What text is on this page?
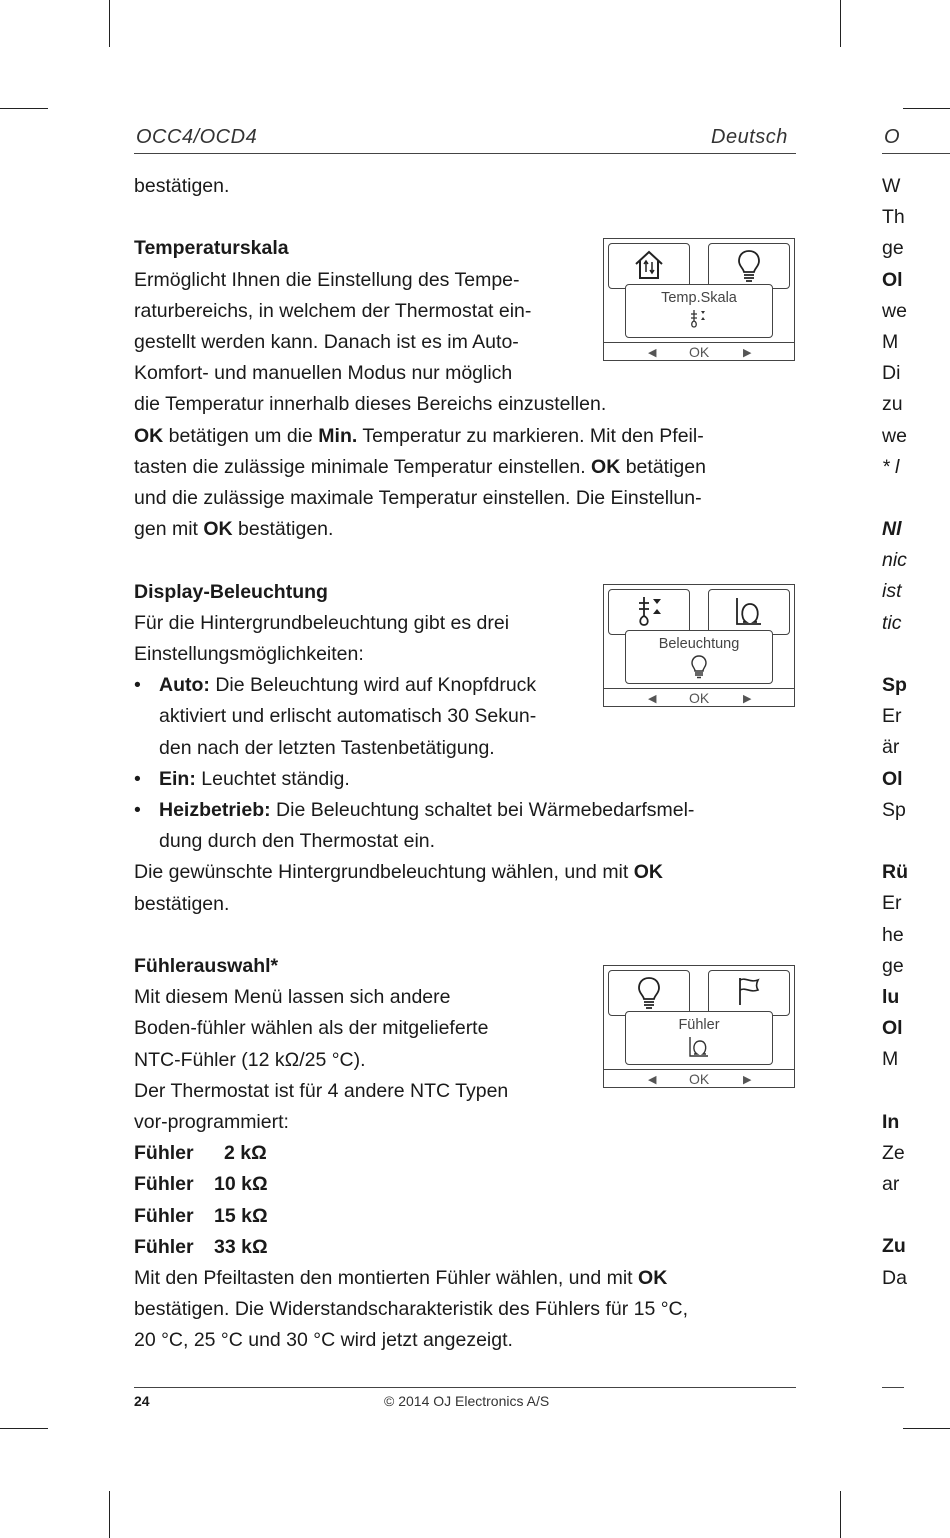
OCC4/OCD4	Deutsch	O

bestätigen.

Temperaturskala

Ermöglicht Ihnen die Einstellung des Tempe-

raturbereichs, in welchem der Thermostat ein-

gestellt werden kann. Danach ist es im Auto-

Komfort- und manuellen Modus nur möglich

die Temperatur innerhalb dieses Bereichs einzustellen.

OK betätigen um die Min. Temperatur zu markieren. Mit den Pfeil-

tasten die zulässige minimale Temperatur einstellen. OK betätigen

und die zulässige maximale Temperatur einstellen. Die Einstellun-

gen mit OK bestätigen.

Display-Beleuchtung

Für die Hintergrundbeleuchtung gibt es drei

Einstellungsmöglichkeiten:

• Auto: Die Beleuchtung wird auf Knopfdruck

aktiviert und erlischt automatisch 30 Sekun-

den nach der letzten Tastenbetätigung.

• Ein: Leuchtet ständig.

• Heizbetrieb: Die Beleuchtung schaltet bei Wärmebedarfsmel-

dung durch den Thermostat ein.

Die gewünschte Hintergrundbeleuchtung wählen, und mit OK

bestätigen.

Fühlerauswahl*

Mit diesem Menü lassen sich andere

Boden-fühler wählen als der mitgelieferte

NTC-Fühler (12 kΩ/25 °C).

Der Thermostat ist für 4 andere NTC Typen

vor-programmiert:

Fühler 2 kΩ

Fühler 10 kΩ

Fühler 15 kΩ

Fühler 33 kΩ

Mit den Pfeiltasten den montierten Fühler wählen, und mit OK

bestätigen. Die Widerstandscharakteristik des Fühlers für 15 °C,

20 °C, 25 °C und 30 °C wird jetzt angezeigt.

Temp.Skala
◀ OK	▶
Beleuchtung
◀ OK	▶
Fühler
◀ OK	▶
W
Th
ge
Ol
we
M
Di
zu
we
* l
Nl
nic
ist
tic
Sp
Er
är
Ol
Sp
Rü
Er
he
ge
lu
Ol
M
In
Ze
ar
Zu
Da
24	© 2014 OJ Electronics A/S
